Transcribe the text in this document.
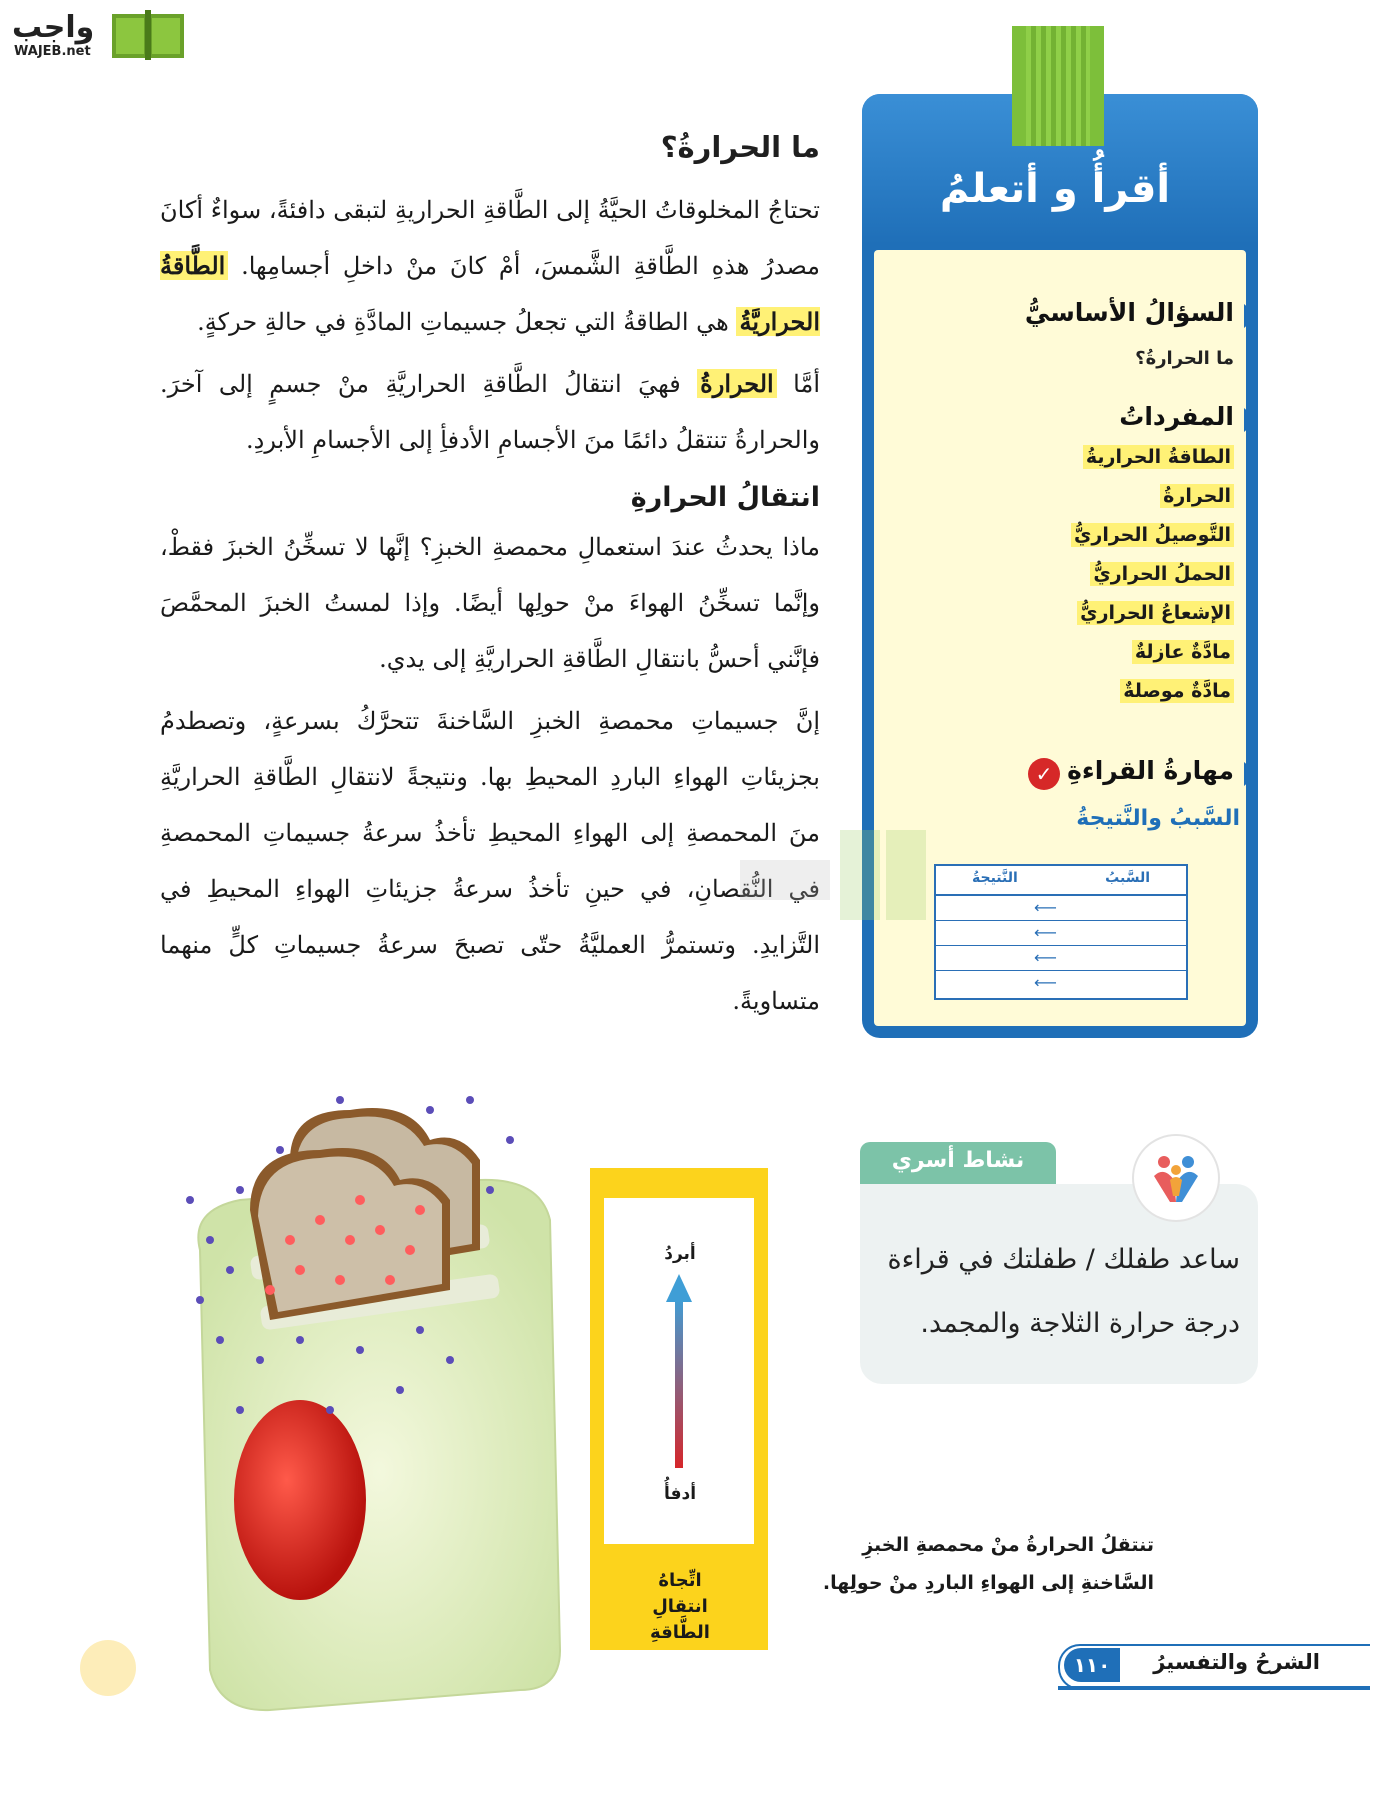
واجب
WAJEB.net
ما الحرارةُ؟

تحتاجُ المخلوقاتُ الحيَّةُ إلى الطَّاقةِ الحراريةِ لتبقى دافئةً، سواءٌ أكانَ مصدرُ هذهِ الطَّاقةِ الشَّمسَ، أمْ كانَ منْ داخلِ أجسامِها. الطَّاقةُ الحراريَّةُ هي الطاقةُ التي تجعلُ جسيماتِ المادَّةِ في حالةِ حركةٍ.

أمَّا الحرارةُ فهيَ انتقالُ الطَّاقةِ الحراريَّةِ منْ جسمٍ إلى آخرَ. والحرارةُ تنتقلُ دائمًا منَ الأجسامِ الأدفأِ إلى الأجسامِ الأبردِ.

انتقالُ الحرارةِ

ماذا يحدثُ عندَ استعمالِ محمصةِ الخبزِ؟ إنَّها لا تسخِّنُ الخبزَ فقطْ، وإنَّما تسخِّنُ الهواءَ منْ حولِها أيضًا. وإذا لمستُ الخبزَ المحمَّصَ فإنَّني أحسُّ بانتقالِ الطَّاقةِ الحراريَّةِ إلى يدي.

إنَّ جسيماتِ محمصةِ الخبزِ السَّاخنةَ تتحرَّكُ بسرعةٍ، وتصطدمُ بجزيئاتِ الهواءِ الباردِ المحيطِ بها. ونتيجةً لانتقالِ الطَّاقةِ الحراريَّةِ منَ المحمصةِ إلى الهواءِ المحيطِ تأخذُ سرعةُ جسيماتِ المحمصةِ في النُّقصانِ، في حينِ تأخذُ سرعةُ جزيئاتِ الهواءِ المحيطِ في التَّزايدِ. وتستمرُّ العمليَّةُ حتّى تصبحَ سرعةُ جسيماتِ كلٍّ منهما متساويةً.

أقرأُ و أتعلمُ
السؤالُ الأساسيُّ
ما الحرارةُ؟
المفرداتُ
الطاقةُ الحراريةُ
الحرارةُ
التَّوصيلُ الحراريُّ
الحملُ الحراريُّ
الإشعاعُ الحراريُّ
مادَّةٌ عازلةٌ
مادَّةٌ موصلةٌ
مهارةُ القراءةِ
✓
السَّببُ والنَّتيجةُ
السَّببُ
النَّتيجةُ
⟵
⟵
⟵
⟵
نشاط أسري
ساعد طفلك / طفلتك في قراءة درجة حرارة الثلاجة والمجمد.
أبردُ
أدفأُ
اتِّجاهُ انتقالِ الطَّاقةِ
تنتقلُ الحرارةُ منْ محمصةِ الخبزِ السَّاخنةِ إلى الهواءِ الباردِ منْ حولِها.
١١٠	الشرحُ والتفسيرُ
